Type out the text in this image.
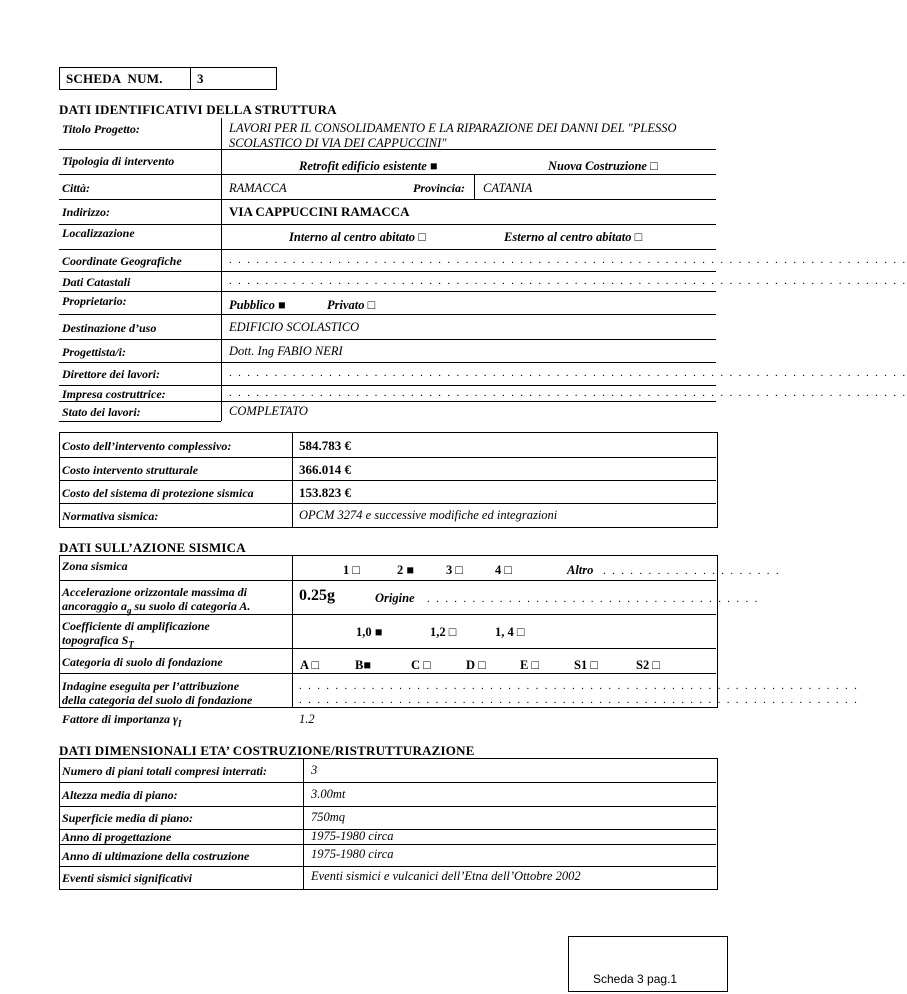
SCHEDA  NUM.	3
DATI IDENTIFICATIVI DELLA STRUTTURA
Titolo Progetto:	LAVORI PER IL CONSOLIDAMENTO E LA RIPARAZIONE DEI DANNI DEL "PLESSO
SCOLASTICO DI VIA DEI CAPPUCCINI"
Tipologia di intervento	Retrofit edificio esistente ■	Nuova Costruzione □
Città:	RAMACCA	Provincia: CATANIA
Indirizzo:	VIA CAPPUCCINI RAMACCA
Localizzazione	Interno al centro abitato □	Esterno al centro abitato □
Coordinate Geografiche	. . . . . . . . . . . . . . . . . . . . . . . . . . . . . . . . . . . . . . . . . . . . . . . . . . . . . . . . . . . . . . . . . . . . . . . . . . .
Dati Catastali	. . . . . . . . . . . . . . . . . . . . . . . . . . . . . . . . . . . . . . . . . . . . . . . . . . . . . . . . . . . . . . . . . . . . . . . . . . .
Proprietario:	Pubblico ■	Privato □
Destinazione d’uso	EDIFICIO SCOLASTICO
Progettista/i:	Dott. Ing FABIO NERI
Direttore dei lavori:	. . . . . . . . . . . . . . . . . . . . . . . . . . . . . . . . . . . . . . . . . . . . . . . . . . . . . . . . . . . . . . . . . . . . . . . . . . .
Impresa costruttrice:	. . . . . . . . . . . . . . . . . . . . . . . . . . . . . . . . . . . . . . . . . . . . . . . . . . . . . . . . . . . . . . . . . . . . . . . . . . .
Stato dei lavori:	COMPLETATO
Costo dell’intervento complessivo:	584.783 €
Costo intervento strutturale	366.014 €
Costo del sistema di protezione sismica	153.823 €
Normativa sismica:	OPCM 3274 e successive modifiche ed integrazioni
DATI SULL’AZIONE SISMICA
Zona sismica	1 □	2 ■	3 □	4 □	Altro . . . . . . . . . . . . . . . . . . . .
Accelerazione orizzontale massima di
ancoraggio $a_g$ su suolo di categoria A.
0.25g	Origine . . . . . . . . . . . . . . . . . . . . . . . . . . . . . . . . . . . . .
Coefficiente di amplificazione
topografica $S_T$
1,0 ■	1,2 □	1, 4 □
Categoria di suolo di fondazione	A □	B■	C □	D □	E □	S1 □	S2 □
Indagine eseguita per l’attribuzione
della categoria del suolo di fondazione
. . . . . . . . . . . . . . . . . . . . . . . . . . . . . . . . . . . . . . . . . . . . . . . . . . . . . . . . . . . . . .
. . . . . . . . . . . . . . . . . . . . . . . . . . . . . . . . . . . . . . . . . . . . . . . . . . . . . . . . . . . . . .
Fattore di importanza $\gamma_I$	1.2
DATI DIMENSIONALI ETA’ COSTRUZIONE/RISTRUTTURAZIONE
Numero di piani totali compresi interrati:	3
Altezza media di piano:	3.00mt
Superficie media di piano:	750mq
Anno di progettazione	1975-1980 circa
Anno di ultimazione della costruzione	1975-1980 circa
Eventi sismici significativi	Eventi sismici e vulcanici dell’Etna dell’Ottobre 2002
Scheda 3 pag.1
